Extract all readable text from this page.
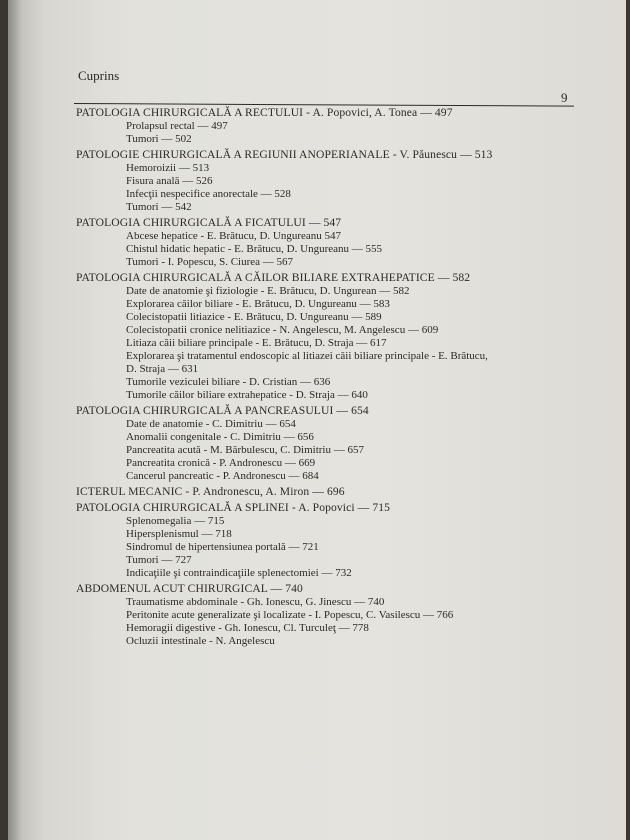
Cuprins
9
PATOLOGIA CHIRURGICALĂ A RECTULUI - A. Popovici, A. Tonea — 497
Prolapsul rectal — 497
Tumori — 502
PATOLOGIE CHIRURGICALĂ A REGIUNII ANOPERIANALE - V. Păunescu — 513
Hemoroizii — 513
Fisura anală — 526
Infecţii nespecifice anorectale — 528
Tumori — 542
PATOLOGIA CHIRURGICALĂ A FICATULUI — 547
Abcese hepatice - E. Brătucu, D. Ungureanu 547
Chistul hidatic hepatic - E. Brătucu, D. Ungureanu — 555
Tumori - I. Popescu, S. Ciurea — 567
PATOLOGIA CHIRURGICALĂ A CĂILOR BILIARE EXTRAHEPATICE — 582
Date de anatomie şi fiziologie - E. Brătucu, D. Ungurean — 582
Explorarea căilor biliare - E. Brătucu, D. Ungureanu — 583
Colecistopatii litiazice - E. Brătucu, D. Ungureanu — 589
Colecistopatii cronice nelitiazice - N. Angelescu, M. Angelescu — 609
Litiaza căii biliare principale - E. Brătucu, D. Straja — 617
Explorarea şi tratamentul endoscopic al litiazei căii biliare principale - E. Brătucu,
D. Straja — 631
Tumorile veziculei biliare - D. Cristian — 636
Tumorile căilor biliare extrahepatice - D. Straja — 640
PATOLOGIA CHIRURGICALĂ A PANCREASULUI — 654
Date de anatomie - C. Dimitriu — 654
Anomalii congenitale - C. Dimitriu — 656
Pancreatita acută - M. Bărbulescu, C. Dimitriu — 657
Pancreatita cronică - P. Andronescu — 669
Cancerul pancreatic - P. Andronescu — 684
ICTERUL MECANIC - P. Andronescu, A. Miron — 696
PATOLOGIA CHIRURGICALĂ A SPLINEI - A. Popovici — 715
Splenomegalia — 715
Hipersplenismul — 718
Sindromul de hipertensiunea portală — 721
Tumori — 727
Indicaţiile şi contraindicaţiile splenectomiei — 732
ABDOMENUL ACUT CHIRURGICAL — 740
Traumatisme abdominale - Gh. Ionescu, G. Jinescu — 740
Peritonite acute generalizate şi localizate - I. Popescu, C. Vasilescu — 766
Hemoragii digestive - Gh. Ionescu, Cl. Turculeţ — 778
Ocluzii intestinale - N. Angelescu
